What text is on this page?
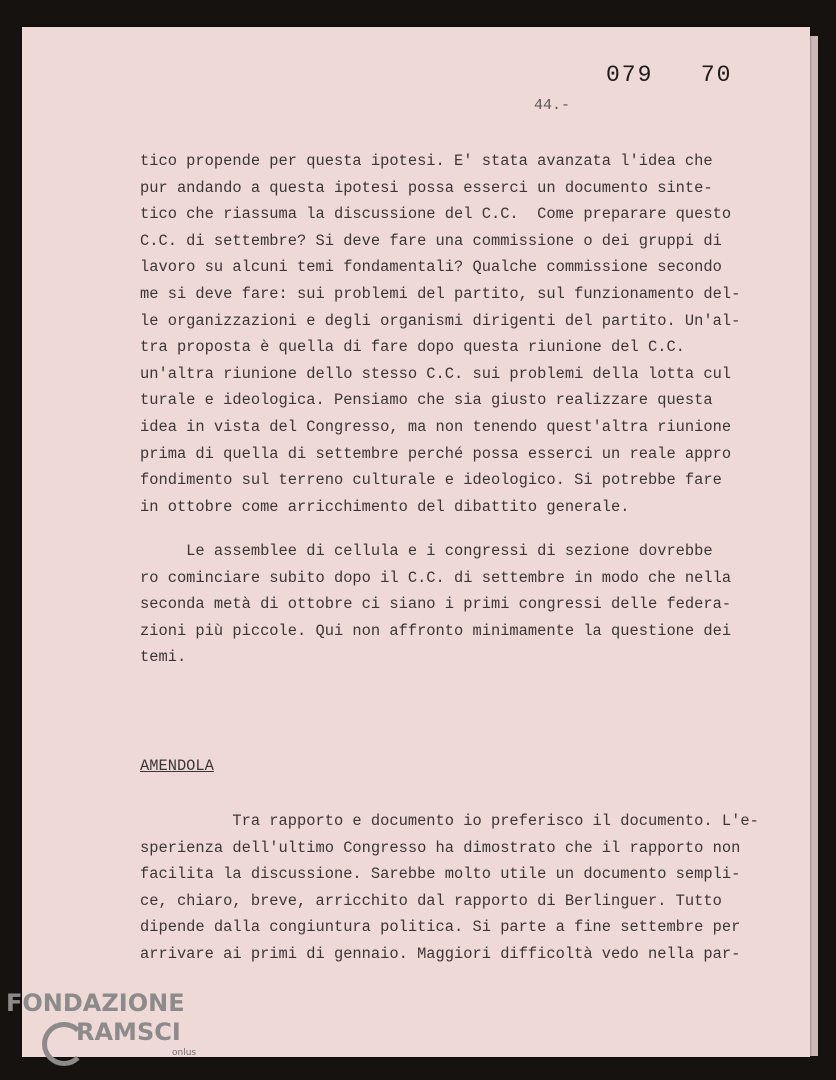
079   70
44.-

tico propende per questa ipotesi. E' stata avanzata l'idea che
pur andando a questa ipotesi possa esserci un documento sinte-
tico che riassuma la discussione del C.C.  Come preparare questo
C.C. di settembre? Si deve fare una commissione o dei gruppi di
lavoro su alcuni temi fondamentali? Qualche commissione secondo
me si deve fare: sui problemi del partito, sul funzionamento del-
le organizzazioni e degli organismi dirigenti del partito. Un'al-
tra proposta è quella di fare dopo questa riunione del C.C.
un'altra riunione dello stesso C.C. sui problemi della lotta cul
turale e ideologica. Pensiamo che sia giusto realizzare questa
idea in vista del Congresso, ma non tenendo quest'altra riunione
prima di quella di settembre perché possa esserci un reale appro
fondimento sul terreno culturale e ideologico. Si potrebbe fare
in ottobre come arricchimento del dibattito generale.

Le assemblee di cellula e i congressi di sezione dovrebbe
ro cominciare subito dopo il C.C. di settembre in modo che nella
seconda metà di ottobre ci siano i primi congressi delle federa-
zioni più piccole. Qui non affronto minimamente la questione dei
temi.

AMENDOLA

Tra rapporto e documento io preferisco il documento. L'e-
sperienza dell'ultimo Congresso ha dimostrato che il rapporto non
facilita la discussione. Sarebbe molto utile un documento sempli-
ce, chiaro, breve, arricchito dal rapporto di Berlinguer. Tutto
dipende dalla congiuntura politica. Si parte a fine settembre per
arrivare ai primi di gennaio. Maggiori difficoltà vedo nella par-

FONDAZIONE
RAMSCI
onlus
